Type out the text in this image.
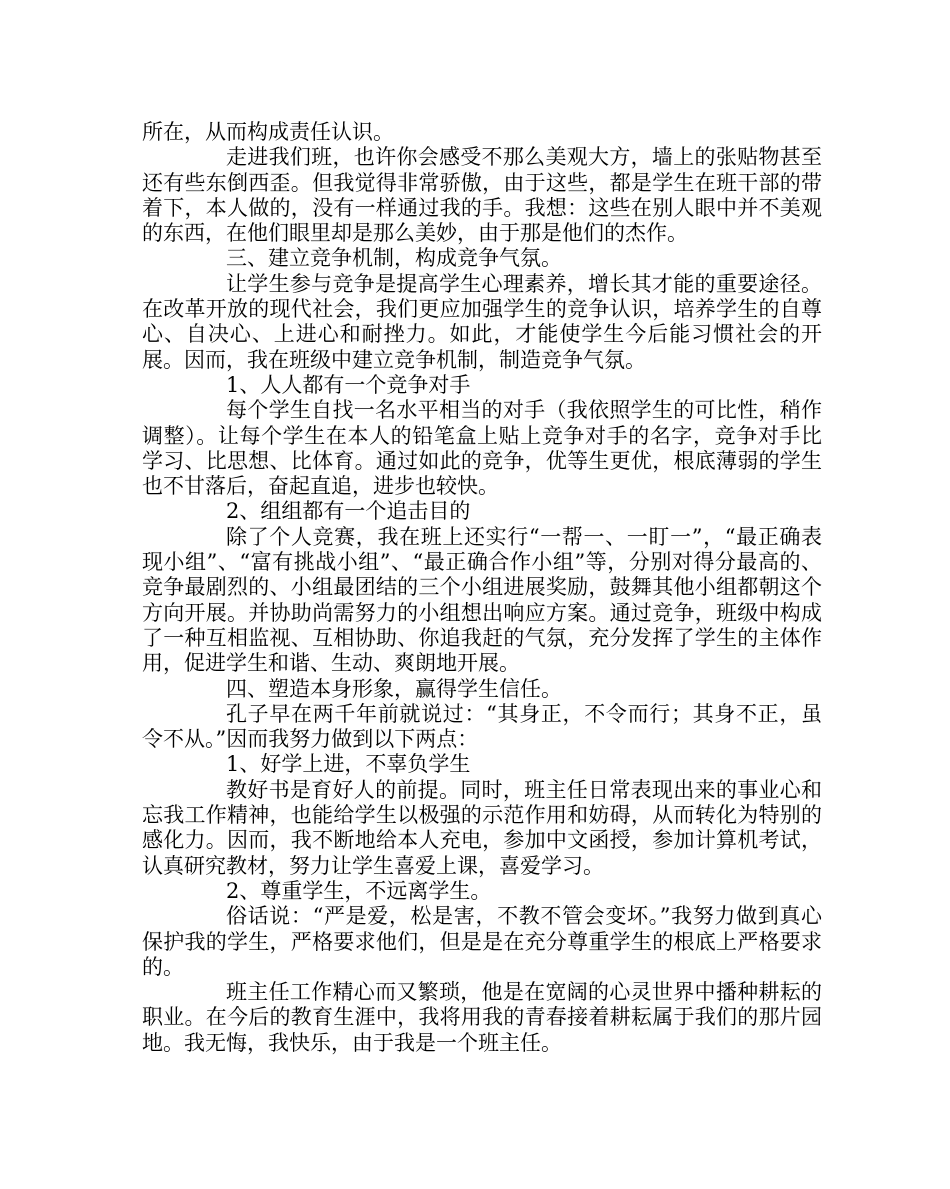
所在，从而构成责任认识。

走进我们班，也许你会感受不那么美观大方，墙上的张贴物甚至还有些东倒西歪。但我觉得非常骄傲，由于这些，都是学生在班干部的带着下，本人做的，没有一样通过我的手。我想：这些在别人眼中并不美观的东西，在他们眼里却是那么美妙，由于那是他们的杰作。

三、建立竞争机制，构成竞争气氛。

让学生参与竞争是提高学生心理素养，增长其才能的重要途径。在改革开放的现代社会，我们更应加强学生的竞争认识，培养学生的自尊心、自决心、上进心和耐挫力。如此，才能使学生今后能习惯社会的开展。因而，我在班级中建立竞争机制，制造竞争气氛。

1、人人都有一个竞争对手

每个学生自找一名水平相当的对手（我依照学生的可比性，稍作调整）。让每个学生在本人的铅笔盒上贴上竞争对手的名字，竞争对手比学习、比思想、比体育。通过如此的竞争，优等生更优，根底薄弱的学生也不甘落后，奋起直追，进步也较快。

2、组组都有一个追击目的

除了个人竞赛，我在班上还实行“一帮一、一盯一”，“最正确表现小组”、“富有挑战小组”、“最正确合作小组”等，分别对得分最高的、竞争最剧烈的、小组最团结的三个小组进展奖励，鼓舞其他小组都朝这个方向开展。并协助尚需努力的小组想出响应方案。通过竞争，班级中构成了一种互相监视、互相协助、你追我赶的气氛，充分发挥了学生的主体作用，促进学生和谐、生动、爽朗地开展。

四、塑造本身形象，赢得学生信任。

孔子早在两千年前就说过：“其身正，不令而行；其身不正，虽令不从。”因而我努力做到以下两点：

1、好学上进，不辜负学生

教好书是育好人的前提。同时，班主任日常表现出来的事业心和忘我工作精神，也能给学生以极强的示范作用和妨碍，从而转化为特别的感化力。因而，我不断地给本人充电，参加中文函授，参加计算机考试，认真研究教材，努力让学生喜爱上课，喜爱学习。

2、尊重学生，不远离学生。

俗话说：“严是爱，松是害，不教不管会变坏。”我努力做到真心保护我的学生，严格要求他们，但是是在充分尊重学生的根底上严格要求的。

班主任工作精心而又繁琐，他是在宽阔的心灵世界中播种耕耘的职业。在今后的教育生涯中，我将用我的青春接着耕耘属于我们的那片园地。我无悔，我快乐，由于我是一个班主任。
